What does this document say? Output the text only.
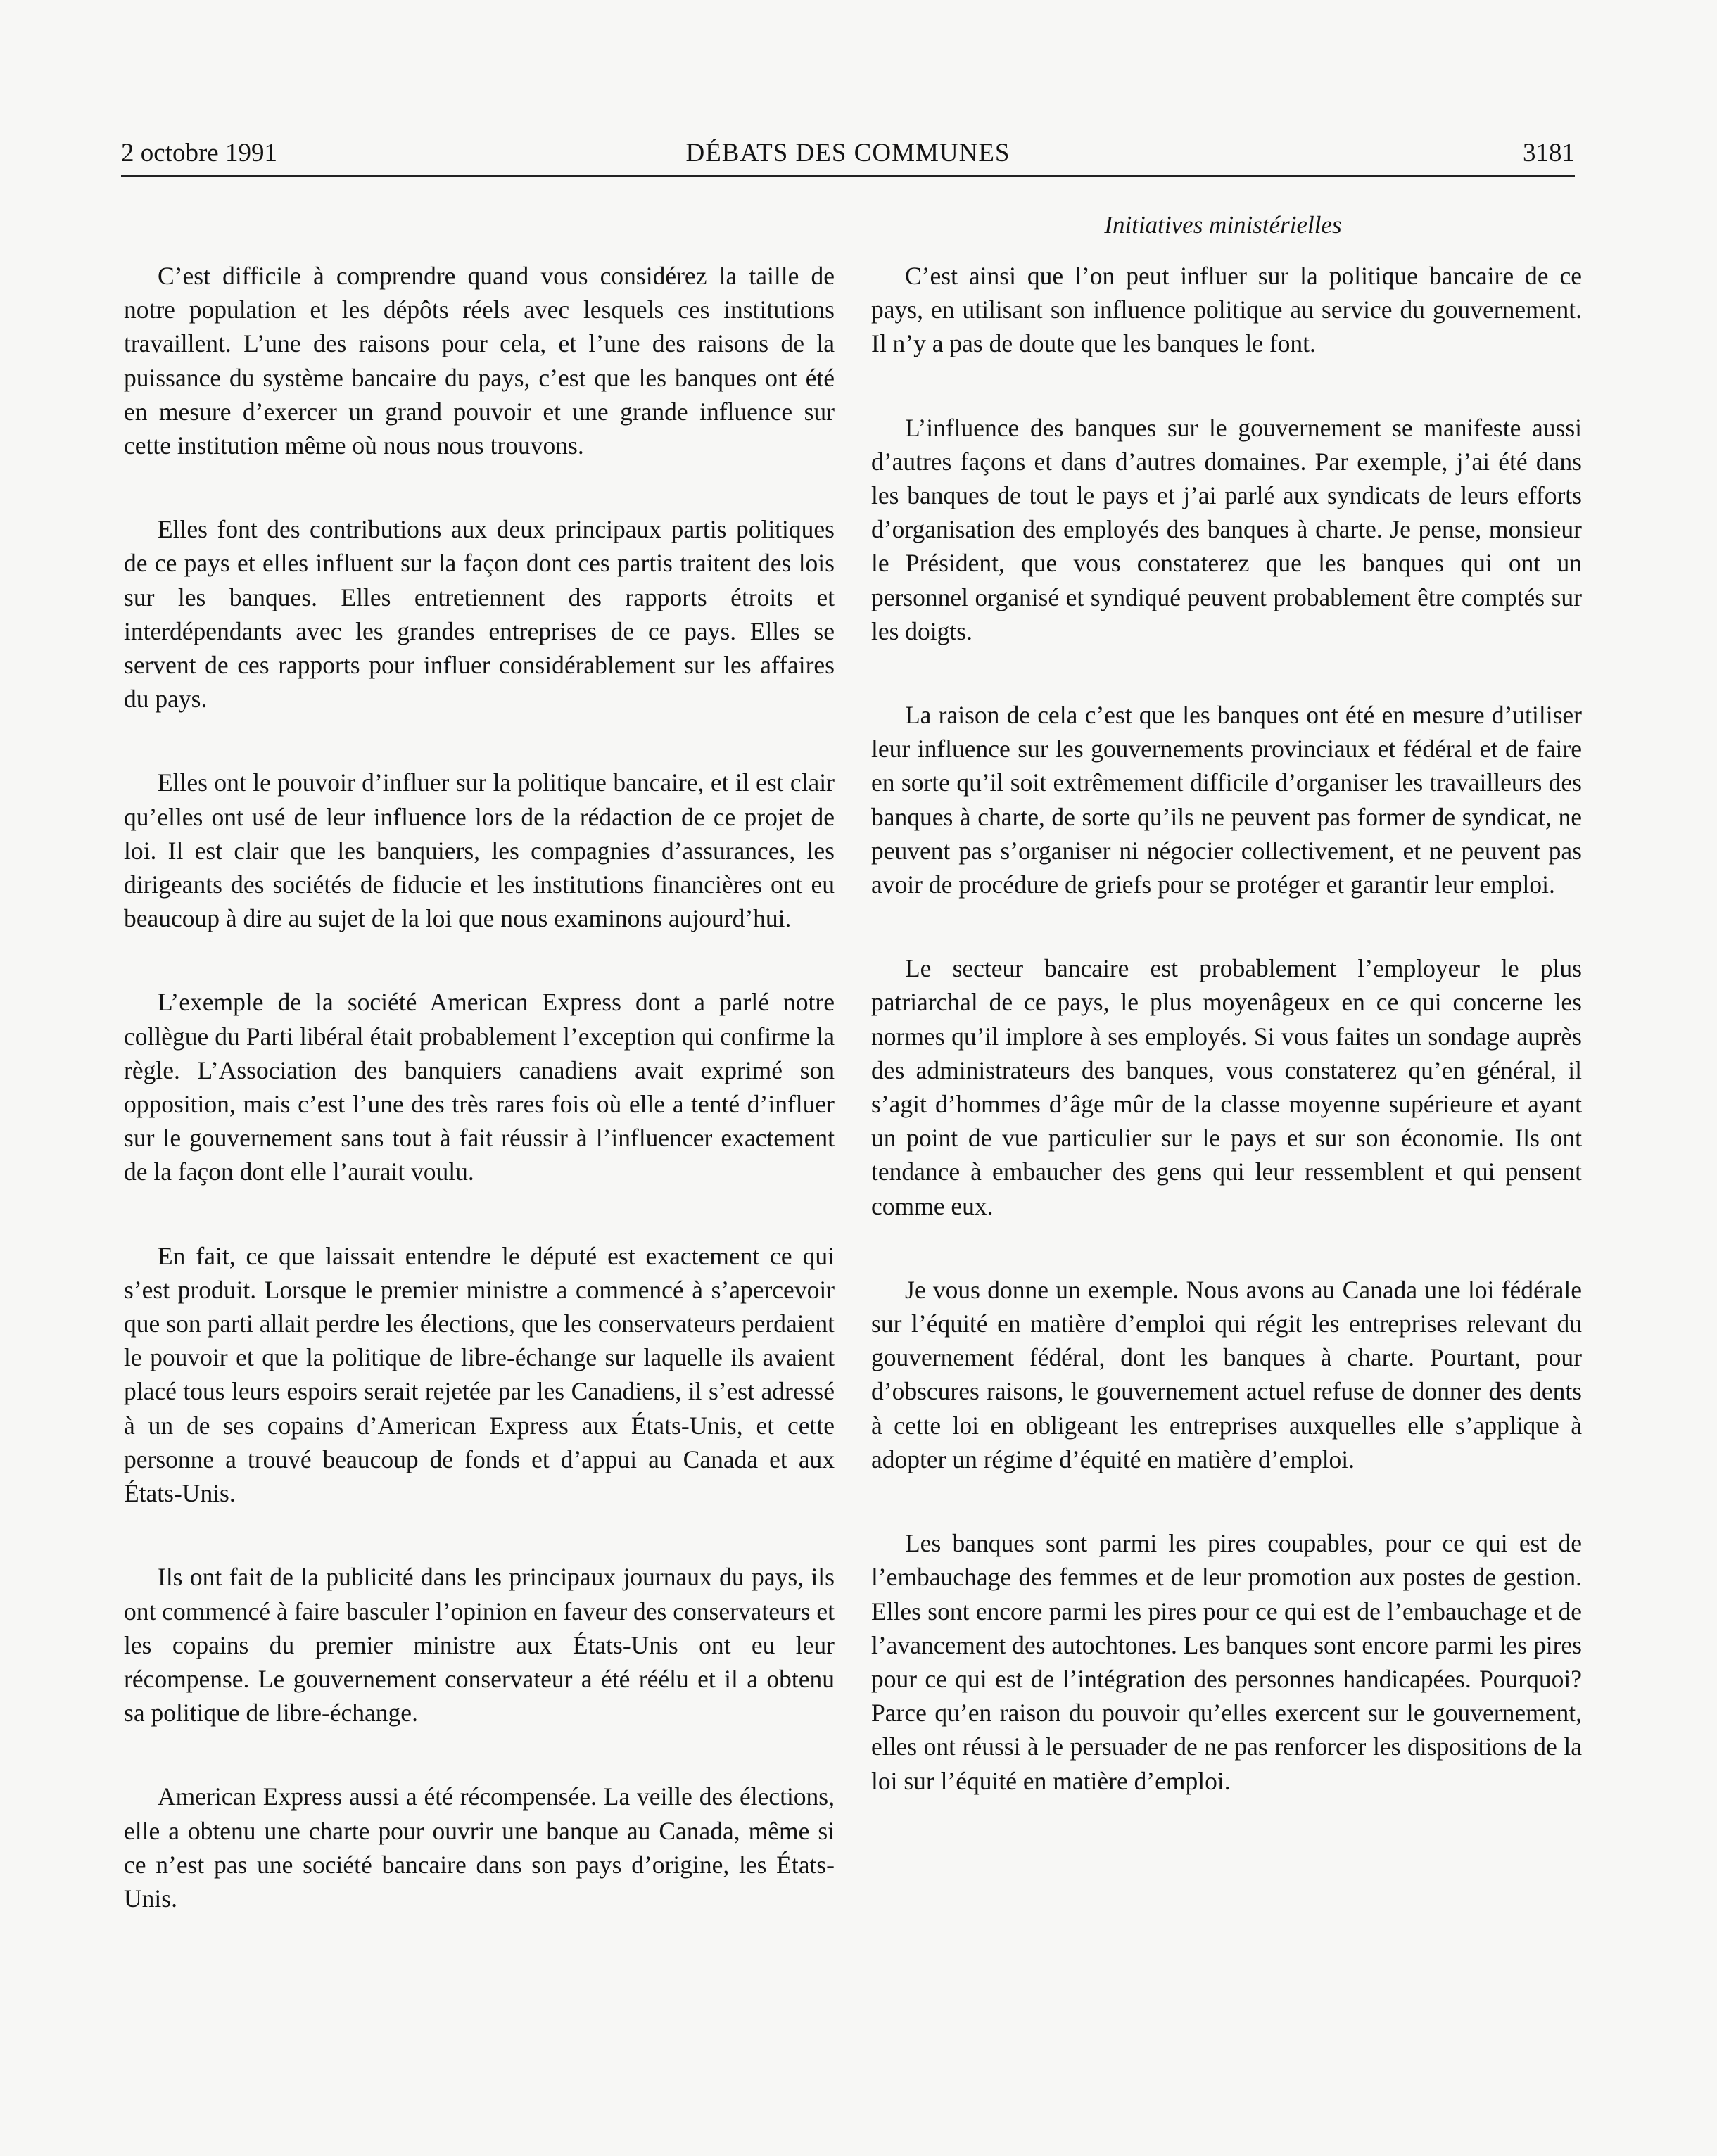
2 octobre 1991	DÉBATS DES COMMUNES	3181
Initiatives ministérielles

C’est difficile à comprendre quand vous considérez la taille de notre population et les dépôts réels avec lesquels ces institutions travaillent. L’une des raisons pour cela, et l’une des raisons de la puissance du système bancaire du pays, c’est que les banques ont été en mesure d’exercer un grand pouvoir et une grande influence sur cette institution même où nous nous trouvons.

Elles font des contributions aux deux principaux partis politiques de ce pays et elles influent sur la façon dont ces partis traitent des lois sur les banques. Elles entretiennent des rapports étroits et interdépendants avec les grandes entreprises de ce pays. Elles se servent de ces rapports pour influer considérablement sur les affaires du pays.

Elles ont le pouvoir d’influer sur la politique bancaire, et il est clair qu’elles ont usé de leur influence lors de la rédaction de ce projet de loi. Il est clair que les banquiers, les compagnies d’assurances, les dirigeants des sociétés de fiducie et les institutions financières ont eu beaucoup à dire au sujet de la loi que nous examinons aujourd’hui.

L’exemple de la société American Express dont a parlé notre collègue du Parti libéral était probablement l’exception qui confirme la règle. L’Association des banquiers canadiens avait exprimé son opposition, mais c’est l’une des très rares fois où elle a tenté d’influer sur le gouvernement sans tout à fait réussir à l’influencer exactement de la façon dont elle l’aurait voulu.

En fait, ce que laissait entendre le député est exactement ce qui s’est produit. Lorsque le premier ministre a commencé à s’apercevoir que son parti allait perdre les élections, que les conservateurs perdaient le pouvoir et que la politique de libre-échange sur laquelle ils avaient placé tous leurs espoirs serait rejetée par les Canadiens, il s’est adressé à un de ses copains d’American Express aux États-Unis, et cette personne a trouvé beaucoup de fonds et d’appui au Canada et aux États-Unis.

Ils ont fait de la publicité dans les principaux journaux du pays, ils ont commencé à faire basculer l’opinion en faveur des conservateurs et les copains du premier ministre aux États-Unis ont eu leur récompense. Le gouvernement conservateur a été réélu et il a obtenu sa politique de libre-échange.

American Express aussi a été récompensée. La veille des élections, elle a obtenu une charte pour ouvrir une banque au Canada, même si ce n’est pas une société bancaire dans son pays d’origine, les États-Unis.

C’est ainsi que l’on peut influer sur la politique bancaire de ce pays, en utilisant son influence politique au service du gouvernement. Il n’y a pas de doute que les banques le font.

L’influence des banques sur le gouvernement se manifeste aussi d’autres façons et dans d’autres domaines. Par exemple, j’ai été dans les banques de tout le pays et j’ai parlé aux syndicats de leurs efforts d’organisation des employés des banques à charte. Je pense, monsieur le Président, que vous constaterez que les banques qui ont un personnel organisé et syndiqué peuvent probablement être comptés sur les doigts.

La raison de cela c’est que les banques ont été en mesure d’utiliser leur influence sur les gouvernements provinciaux et fédéral et de faire en sorte qu’il soit extrêmement difficile d’organiser les travailleurs des banques à charte, de sorte qu’ils ne peuvent pas former de syndicat, ne peuvent pas s’organiser ni négocier collectivement, et ne peuvent pas avoir de procédure de griefs pour se protéger et garantir leur emploi.

Le secteur bancaire est probablement l’employeur le plus patriarchal de ce pays, le plus moyenâgeux en ce qui concerne les normes qu’il implore à ses employés. Si vous faites un sondage auprès des administrateurs des banques, vous constaterez qu’en général, il s’agit d’hommes d’âge mûr de la classe moyenne supérieure et ayant un point de vue particulier sur le pays et sur son économie. Ils ont tendance à embaucher des gens qui leur ressemblent et qui pensent comme eux.

Je vous donne un exemple. Nous avons au Canada une loi fédérale sur l’équité en matière d’emploi qui régit les entreprises relevant du gouvernement fédéral, dont les banques à charte. Pourtant, pour d’obscures raisons, le gouvernement actuel refuse de donner des dents à cette loi en obligeant les entreprises auxquelles elle s’applique à adopter un régime d’équité en matière d’emploi.

Les banques sont parmi les pires coupables, pour ce qui est de l’embauchage des femmes et de leur promotion aux postes de gestion. Elles sont encore parmi les pires pour ce qui est de l’embauchage et de l’avancement des autochtones. Les banques sont encore parmi les pires pour ce qui est de l’intégration des personnes handicapées. Pourquoi? Parce qu’en raison du pouvoir qu’elles exercent sur le gouvernement, elles ont réussi à le persuader de ne pas renforcer les dispositions de la loi sur l’équité en matière d’emploi.
